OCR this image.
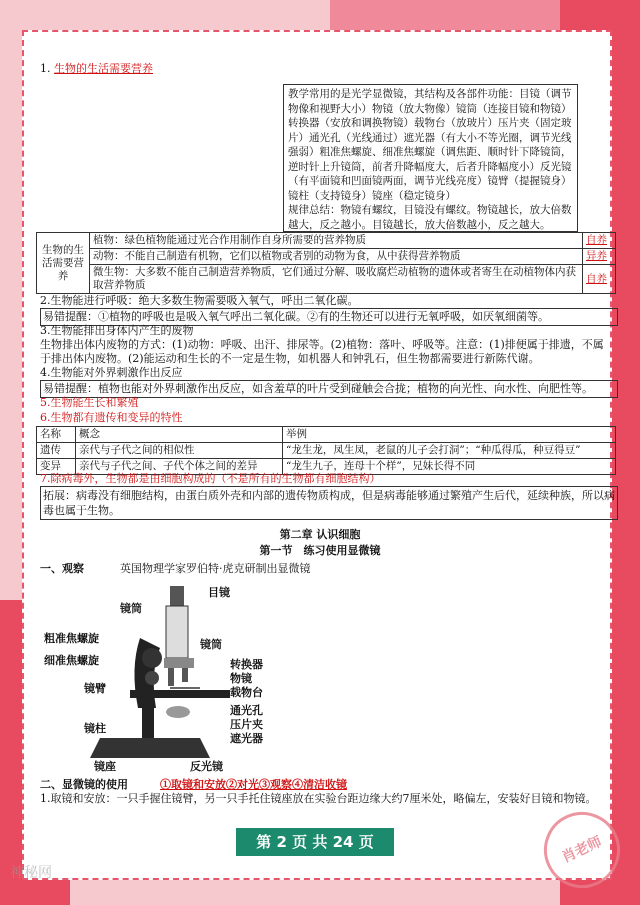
1. 生物的生活需要营养
教学常用的是光学显微镜，其结构及各部件功能：目镜（调节物像和视野大小）物镜（放大物像）镜筒（连接目镜和物镜）转换器（安放和调换物镜）载物台（放玻片）压片夹（固定玻片）通光孔（光线通过）遮光器（有大小不等光圈，调节光线强弱）粗准焦螺旋、细准焦螺旋（调焦距、顺时针下降镜筒，逆时针上升镜筒，前者升降幅度大，后者升降幅度小）反光镜（有平面镜和凹面镜两面，调节光线亮度）镜臂（提握镜身）镜柱（支持镜身）镜座（稳定镜身）
规律总结：物镜有螺纹，目镜没有螺纹。物镜越长，放大倍数越大，反之越小。目镜越长，放大倍数越小，反之越大。
生物的生活需要营养	植物：绿色植物能通过光合作用制作自身所需要的营养物质	自养
	动物：不能自己制造有机物，它们以植物或者别的动物为食，从中获得营养物质	异养
	微生物：大多数不能自己制造营养物质，它们通过分解、吸收腐烂动植物的遗体或者寄生在动植物体内获取营养物质	自养
2.生物能进行呼吸：绝大多数生物需要吸入氧气，呼出二氧化碳。
易错提醒：①植物的呼吸也是吸入氧气呼出二氧化碳。②有的生物还可以进行无氧呼吸，如厌氧细菌等。
3.生物能排出身体内产生的废物
生物排出体内废物的方式：(1)动物：呼吸、出汗、排尿等。(2)植物：落叶、呼吸等。注意：(1)排便属于排遗，不属于排出体内废物。(2)能运动和生长的不一定是生物，如机器人和钟乳石，但生物都需要进行新陈代谢。
4.生物能对外界刺激作出反应
易错提醒：植物也能对外界刺激作出反应，如含羞草的叶片受到碰触会合拢；植物的向光性、向水性、向肥性等。
5.生物能生长和繁殖
6.生物都有遗传和变异的特性
名称	概念	举例
遗传	亲代与子代之间的相似性	“龙生龙，凤生凤，老鼠的儿子会打洞”；“种瓜得瓜，种豆得豆”
变异	亲代与子代之间、子代个体之间的差异	“龙生九子，连母十个样”，兄妹长得不同
7.除病毒外，生物都是由细胞构成的（不是所有的生物都有细胞结构）
拓展：病毒没有细胞结构，由蛋白质外壳和内部的遗传物质构成，但是病毒能够通过繁殖产生后代，延续种族，所以病毒也属于生物。
第二章 认识细胞
第一节　练习使用显微镜
一、观察	英国物理学家罗伯特·虎克研制出显微镜
镜筒
粗准焦螺旋
细准焦螺旋
镜臂
镜柱
镜座
目镜
镜筒
转换器
物镜
载物台
通光孔
压片夹
遮光器
反光镜
二、显微镜的使用	①取镜和安放②对光③观察④清洁收镜
1.取镜和安放：一只手握住镜臂，另一只手托住镜座放在实验台距边缘大约7厘米处，略偏左，安装好目镜和物镜。
第 2 页 共 24 页	肖老师
神秘网
